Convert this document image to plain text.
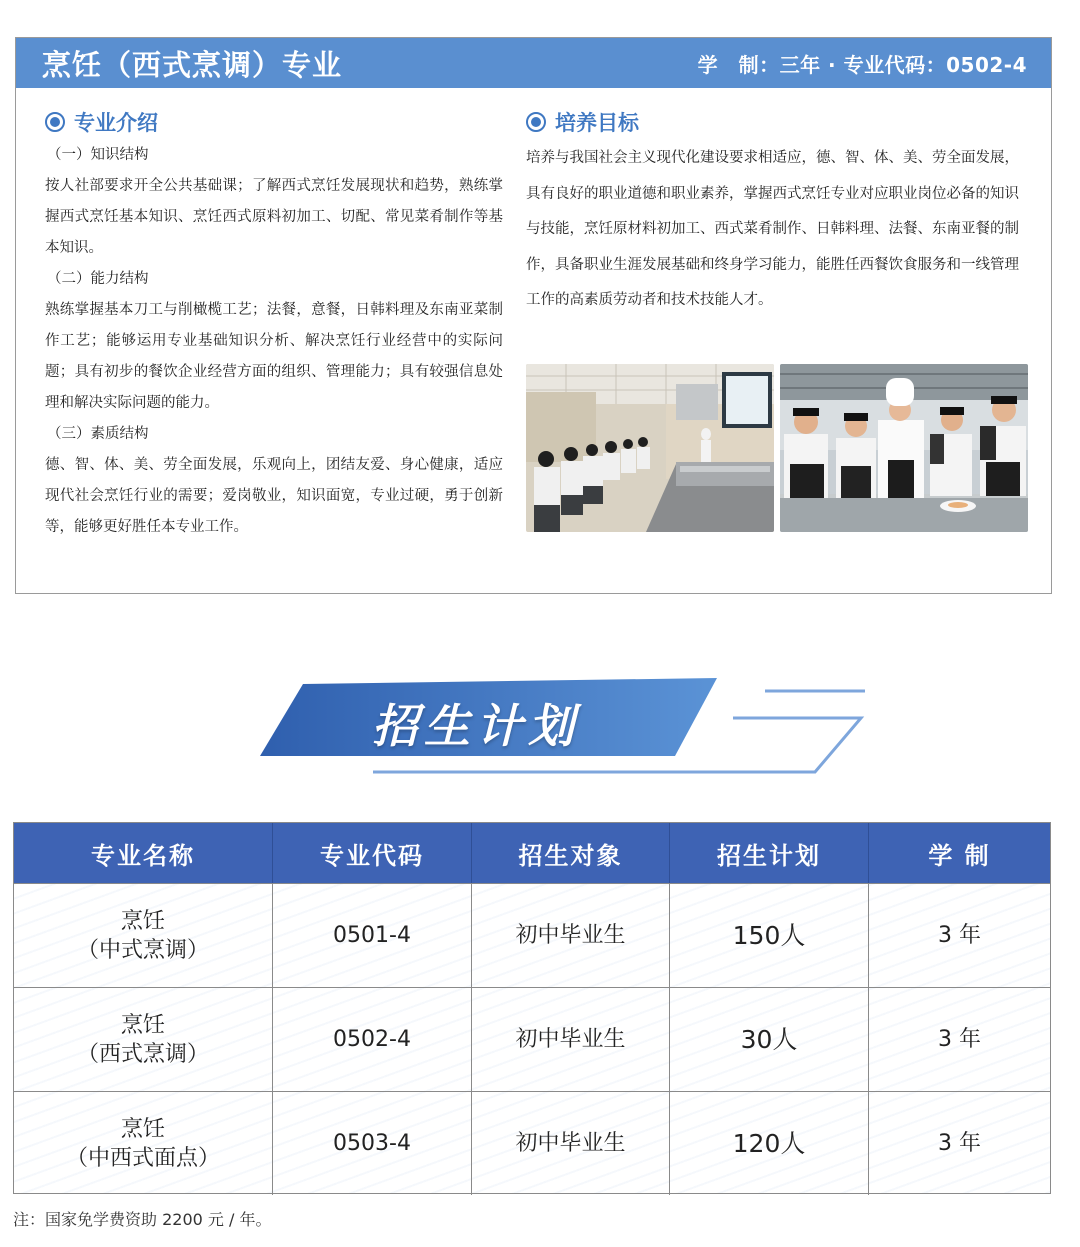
烹饪（西式烹调）专业	学　制：三年 · 专业代码：0502-4
专业介绍
（一）知识结构
按人社部要求开全公共基础课；了解西式烹饪发展现状和趋势，熟练掌握西式烹饪基本知识、烹饪西式原料初加工、切配、常见菜肴制作等基本知识。
（二）能力结构
熟练掌握基本刀工与削橄榄工艺；法餐，意餐，日韩料理及东南亚菜制作工艺；能够运用专业基础知识分析、解决烹饪行业经营中的实际问题；具有初步的餐饮企业经营方面的组织、管理能力；具有较强信息处理和解决实际问题的能力。
（三）素质结构
德、智、体、美、劳全面发展，乐观向上，团结友爱、身心健康，适应现代社会烹饪行业的需要；爱岗敬业，知识面宽，专业过硬，勇于创新等，能够更好胜任本专业工作。
培养目标
培养与我国社会主义现代化建设要求相适应，德、智、体、美、劳全面发展，具有良好的职业道德和职业素养，掌握西式烹饪专业对应职业岗位必备的知识与技能，烹饪原材料初加工、西式菜肴制作、日韩料理、法餐、东南亚餐的制作，具备职业生涯发展基础和终身学习能力，能胜任西餐饮食服务和一线管理工作的高素质劳动者和技术技能人才。
招生计划
专业名称	专业代码	招生对象	招生计划	学 制
烹饪
（中式烹调）
0501-4	初中毕业生	150人	3 年
烹饪
（西式烹调）
0502-4	初中毕业生	30人	3 年
烹饪
（中西式面点）
0503-4	初中毕业生	120人	3 年
注：国家免学费资助 2200 元 / 年。
